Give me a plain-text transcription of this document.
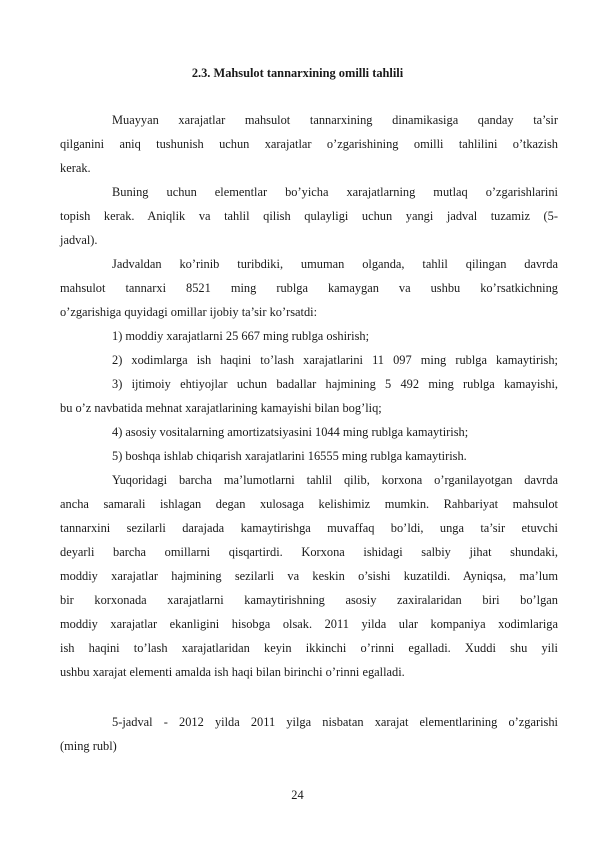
2.3. Mahsulot tannarxining omilli tahlili
Muayyan xarajatlar mahsulot tannarxining dinamikasiga qanday ta’sir
qilganini aniq tushunish uchun xarajatlar o’zgarishining omilli tahlilini o’tkazish
kerak.
Buning uchun elementlar bo’yicha xarajatlarning mutlaq o’zgarishlarini
topish kerak. Aniqlik va tahlil qilish qulayligi uchun yangi jadval tuzamiz (5-
jadval).
Jadvaldan ko’rinib turibdiki, umuman olganda, tahlil qilingan davrda
mahsulot tannarxi 8521 ming rublga kamaygan va ushbu ko’rsatkichning
o’zgarishiga quyidagi omillar ijobiy ta’sir ko’rsatdi:
1) moddiy xarajatlarni 25 667 ming rublga oshirish;
2) xodimlarga ish haqini to’lash xarajatlarini 11 097 ming rublga kamaytirish;
3) ijtimoiy ehtiyojlar uchun badallar hajmining 5 492 ming rublga kamayishi,
bu o’z navbatida mehnat xarajatlarining kamayishi bilan bog’liq;
4) asosiy vositalarning amortizatsiyasini 1044 ming rublga kamaytirish;
5) boshqa ishlab chiqarish xarajatlarini 16555 ming rublga kamaytirish.
Yuqoridagi barcha ma’lumotlarni tahlil qilib, korxona o’rganilayotgan davrda
ancha samarali ishlagan degan xulosaga kelishimiz mumkin. Rahbariyat mahsulot
tannarxini sezilarli darajada kamaytirishga muvaffaq bo’ldi, unga ta’sir etuvchi
deyarli barcha omillarni qisqartirdi. Korxona ishidagi salbiy jihat shundaki,
moddiy xarajatlar hajmining sezilarli va keskin o’sishi kuzatildi. Ayniqsa, ma’lum
bir korxonada xarajatlarni kamaytirishning asosiy zaxiralaridan biri bo’lgan
moddiy xarajatlar ekanligini hisobga olsak. 2011 yilda ular kompaniya xodimlariga
ish haqini to’lash xarajatlaridan keyin ikkinchi o’rinni egalladi. Xuddi shu yili
ushbu xarajat elementi amalda ish haqi bilan birinchi o’rinni egalladi.
5-jadval - 2012 yilda 2011 yilga nisbatan xarajat elementlarining o’zgarishi
(ming rubl)
24
